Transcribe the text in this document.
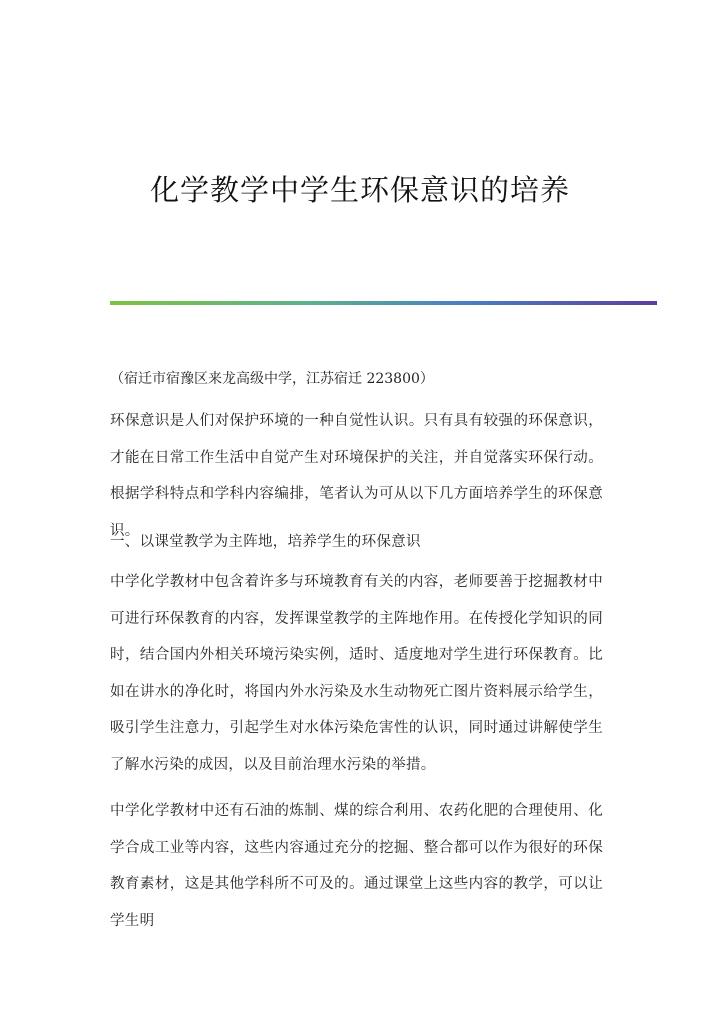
化学教学中学生环保意识的培养

（宿迁市宿豫区来龙高级中学，江苏宿迁 223800）

环保意识是人们对保护环境的一种自觉性认识。只有具有较强的环保意识，才能在日常工作生活中自觉产生对环境保护的关注，并自觉落实环保行动。根据学科特点和学科内容编排，笔者认为可从以下几方面培养学生的环保意识。

一、以课堂教学为主阵地，培养学生的环保意识

中学化学教材中包含着许多与环境教育有关的内容，老师要善于挖掘教材中可进行环保教育的内容，发挥课堂教学的主阵地作用。在传授化学知识的同时，结合国内外相关环境污染实例，适时、适度地对学生进行环保教育。比如在讲水的净化时，将国内外水污染及水生动物死亡图片资料展示给学生，吸引学生注意力，引起学生对水体污染危害性的认识，同时通过讲解使学生了解水污染的成因，以及目前治理水污染的举措。

中学化学教材中还有石油的炼制、煤的综合利用、农药化肥的合理使用、化学合成工业等内容，这些内容通过充分的挖掘、整合都可以作为很好的环保教育素材，这是其他学科所不可及的。通过课堂上这些内容的教学，可以让学生明
